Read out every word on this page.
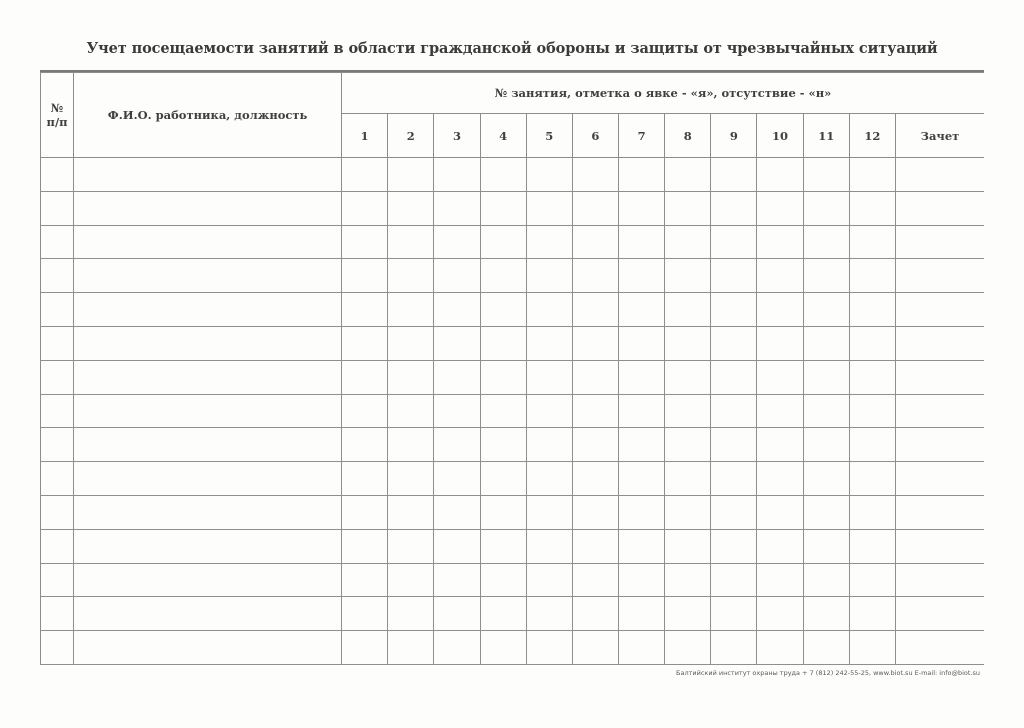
Учет посещаемости занятий в области гражданской обороны и защиты от чрезвычайных ситуаций
№
п/п	Ф.И.О. работника, должность	№ занятия, отметка о явке - «я», отсутствие - «н»												
		1	2	3	4	5	6	7	8	9	10	11	12	Зачет

Балтийский институт охраны труда + 7 (812) 242-55-25, www.biot.su E-mail: info@biot.su
